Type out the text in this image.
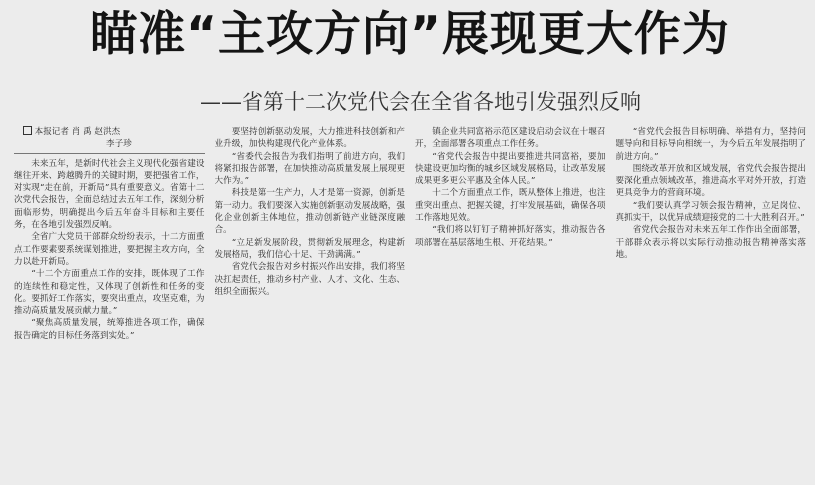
瞄准“主攻方向”展现更大作为
——省第十二次党代会在全省各地引发强烈反响
本报记者 肖 禹 赵洪杰
李子珍

未来五年，是新时代社会主义现代化强省建设继往开来、跨越腾升的关键时期，要把强省工作，对实现“走在前，开新局”具有重要意义。省第十二次党代会报告，全面总结过去五年工作，深刻分析面临形势，明确提出今后五年奋斗目标和主要任务，在各地引发强烈反响。

全省广大党员干部群众纷纷表示，十二方面重点工作要素要系统谋划推进，要把握主攻方向，全力以赴开新局。

“十二个方面重点工作的安排，既体现了工作的连续性和稳定性，又体现了创新性和任务的变化。要抓好工作落实，要突出重点，攻坚克难，为推动高质量发展贡献力量。”

“聚焦高质量发展，统筹推进各项工作，确保报告确定的目标任务落到实处。”

要坚持创新驱动发展，大力推进科技创新和产业升级，加快构建现代化产业体系。

“省委代会报告为我们指明了前进方向，我们将紧扣报告部署，在加快推动高质量发展上展现更大作为。”

科技是第一生产力，人才是第一资源，创新是第一动力。我们要深入实施创新驱动发展战略，强化企业创新主体地位，推动创新链产业链深度融合。

“立足新发展阶段，贯彻新发展理念，构建新发展格局，我们信心十足、干劲满满。”

省党代会报告对乡村振兴作出安排，我们将坚决扛起责任，推动乡村产业、人才、文化、生态、组织全面振兴。

镇企业共同富裕示范区建设启动会议在十堰召开，全面部署各项重点工作任务。

“省党代会报告中提出要推进共同富裕，要加快建设更加均衡的城乡区域发展格局，让改革发展成果更多更公平惠及全体人民。”

十二个方面重点工作，既从整体上推进，也注重突出重点、把握关键，打牢发展基础，确保各项工作落地见效。

“我们将以钉钉子精神抓好落实，推动报告各项部署在基层落地生根、开花结果。”

“省党代会报告目标明确、举措有力，坚持问题导向和目标导向相统一，为今后五年发展指明了前进方向。”

围绕改革开放和区域发展，省党代会报告提出要深化重点领域改革，推进高水平对外开放，打造更具竞争力的营商环境。

“我们要认真学习领会报告精神，立足岗位、真抓实干，以优异成绩迎接党的二十大胜利召开。”

省党代会报告对未来五年工作作出全面部署，干部群众表示将以实际行动推动报告精神落实落地。
